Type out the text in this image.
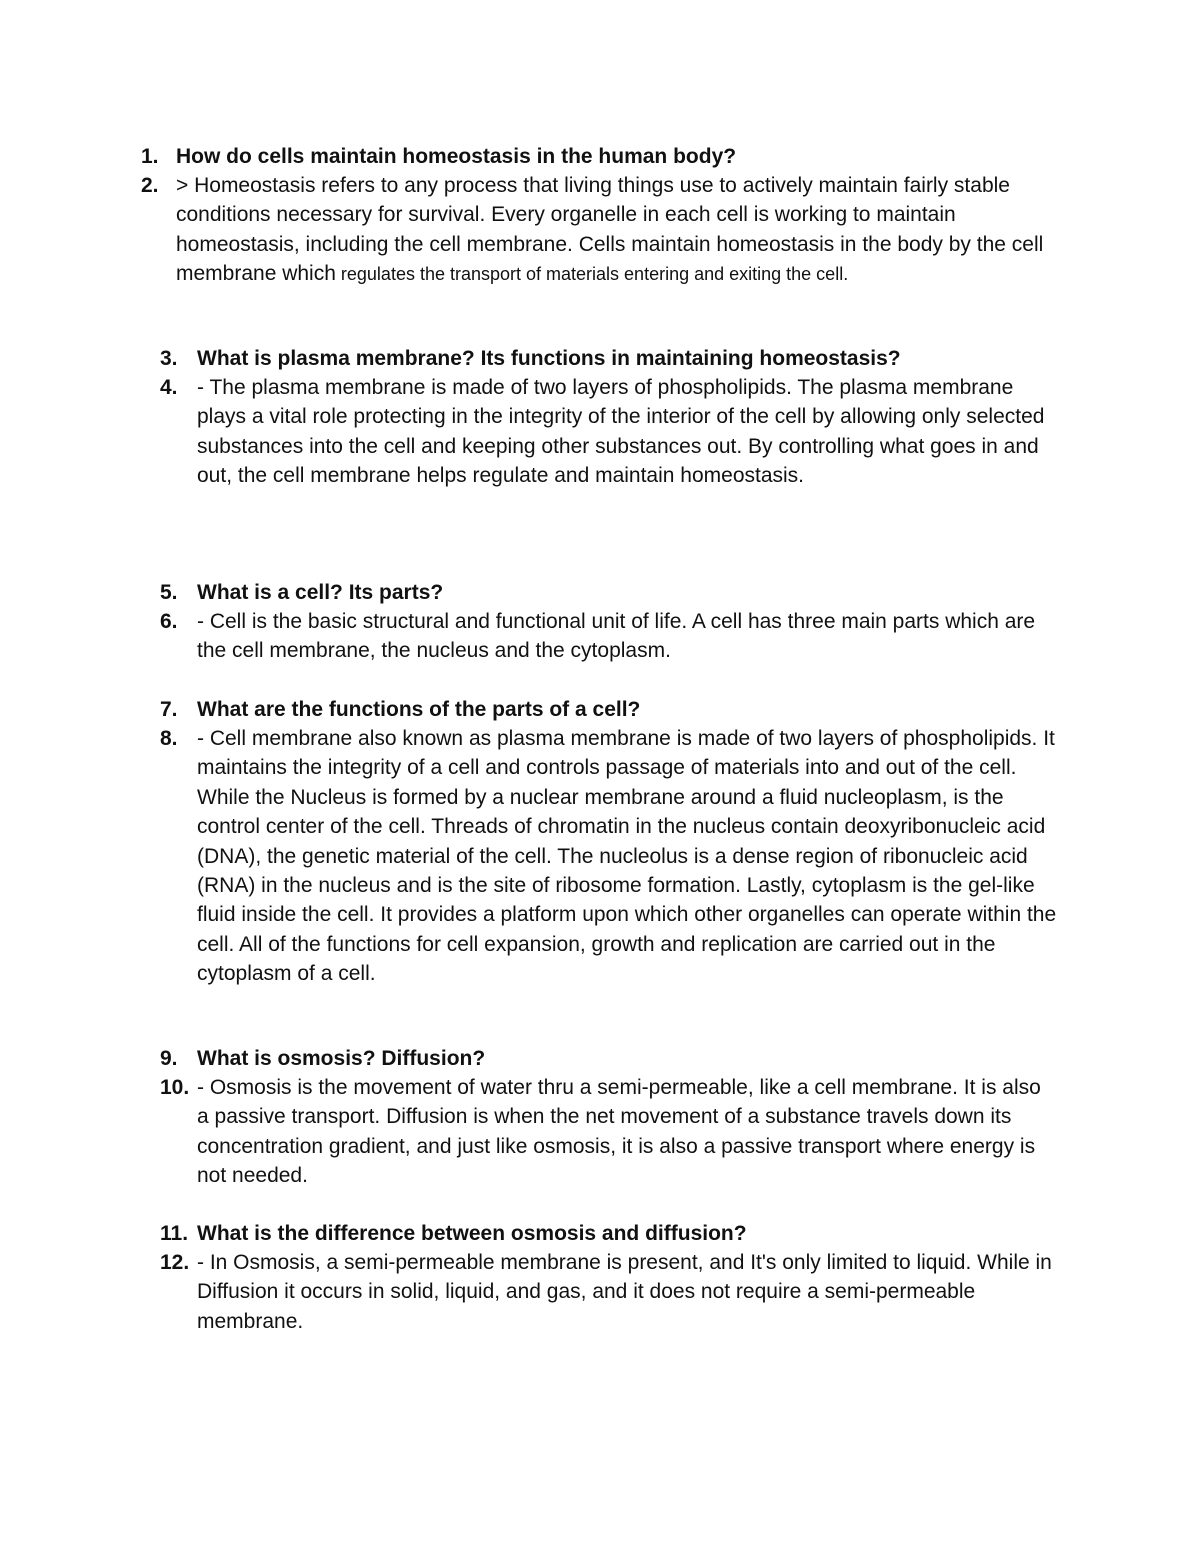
1. How do cells maintain homeostasis in the human body?
2. > Homeostasis refers to any process that living things use to actively maintain fairly stable conditions necessary for survival. Every organelle in each cell is working to maintain homeostasis, including the cell membrane. Cells maintain homeostasis in the body by the cell membrane which regulates the transport of materials entering and exiting the cell.
3. What is plasma membrane? Its functions in maintaining homeostasis?
4. - The plasma membrane is made of two layers of phospholipids. The plasma membrane plays a vital role protecting in the integrity of the interior of the cell by allowing only selected substances into the cell and keeping other substances out. By controlling what goes in and out, the cell membrane helps regulate and maintain homeostasis.
5. What is a cell? Its parts?
6. - Cell is the basic structural and functional unit of life. A cell has three main parts which are the cell membrane, the nucleus and the cytoplasm.
7. What are the functions of the parts of a cell?
8. - Cell membrane also known as plasma membrane is made of two layers of phospholipids. It maintains the integrity of a cell and controls passage of materials into and out of the cell. While the Nucleus is formed by a nuclear membrane around a fluid nucleoplasm, is the control center of the cell. Threads of chromatin in the nucleus contain deoxyribonucleic acid (DNA), the genetic material of the cell. The nucleolus is a dense region of ribonucleic acid (RNA) in the nucleus and is the site of ribosome formation. Lastly, cytoplasm is the gel-like fluid inside the cell. It provides a platform upon which other organelles can operate within the cell. All of the functions for cell expansion, growth and replication are carried out in the cytoplasm of a cell.
9. What is osmosis? Diffusion?
10. - Osmosis is the movement of water thru a semi-permeable, like a cell membrane. It is also a passive transport. Diffusion is when the net movement of a substance travels down its concentration gradient, and just like osmosis, it is also a passive transport where energy is not needed.
11. What is the difference between osmosis and diffusion?
12. - In Osmosis, a semi-permeable membrane is present, and It's only limited to liquid. While in Diffusion it occurs in solid, liquid, and gas, and it does not require a semi-permeable membrane.
